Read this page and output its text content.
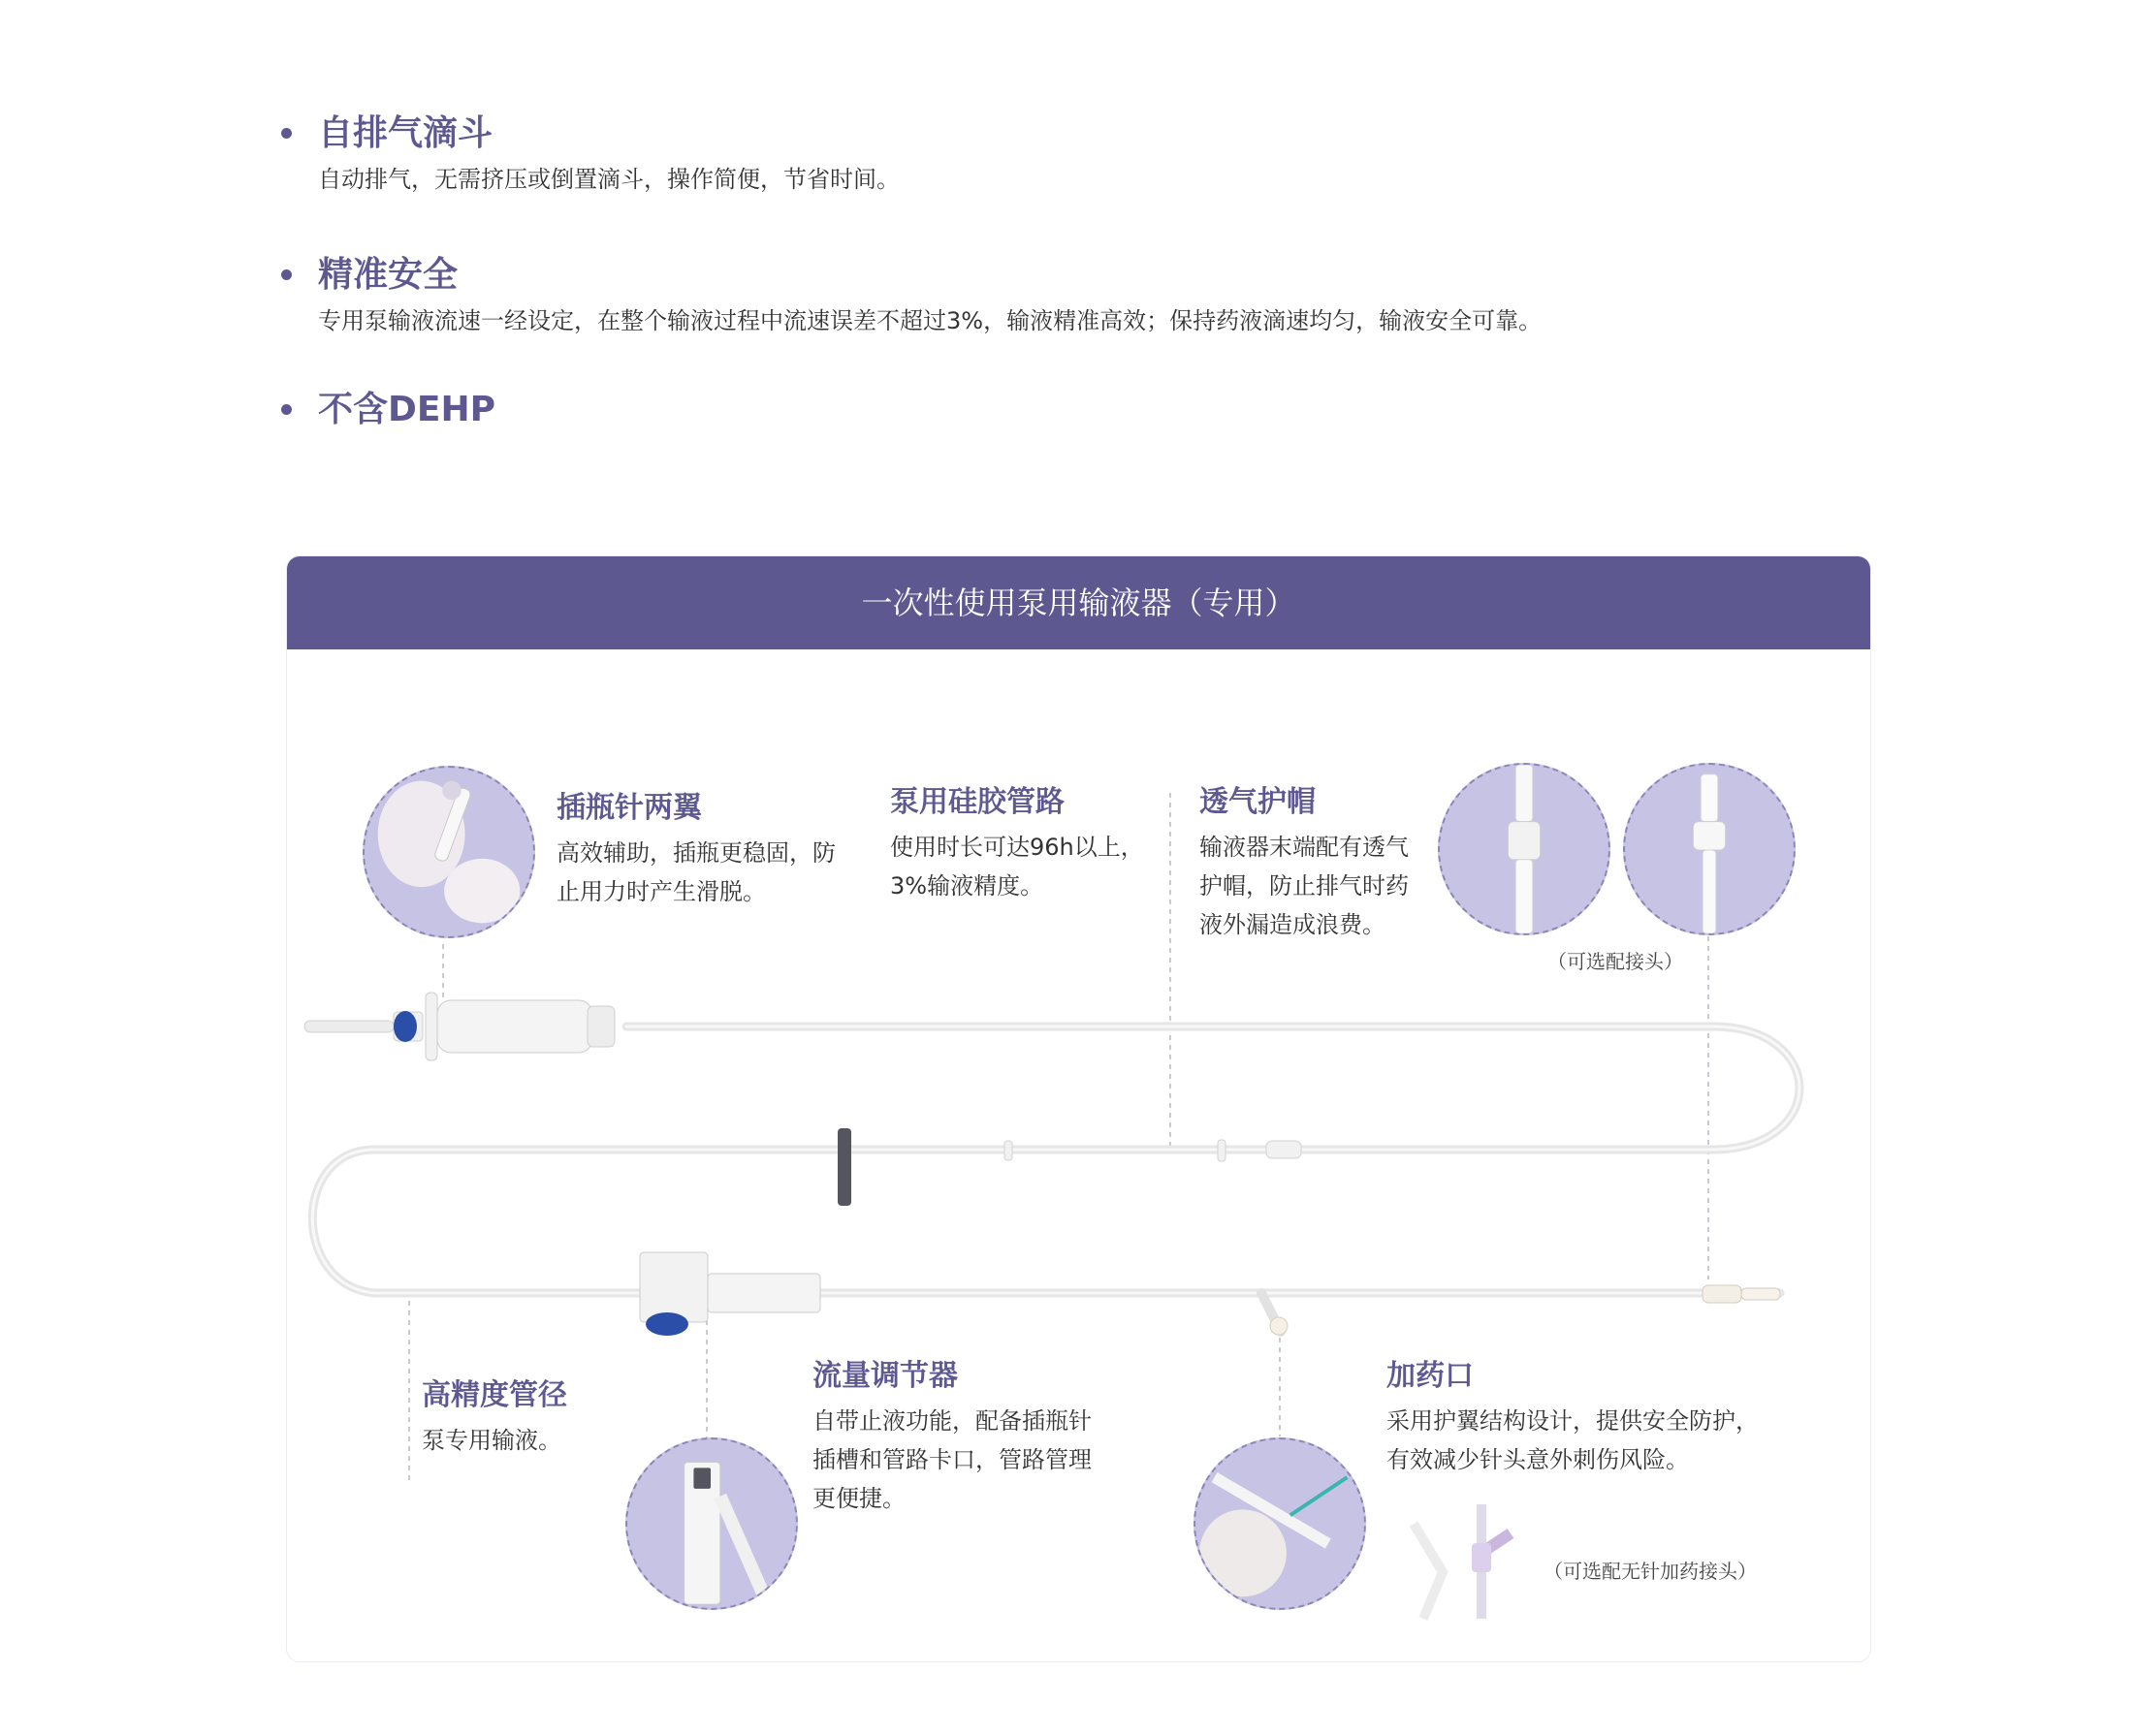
自排气滴斗
自动排气，无需挤压或倒置滴斗，操作简便，节省时间。
精准安全
专用泵输液流速一经设定，在整个输液过程中流速误差不超过3%，输液精准高效；保持药液滴速均匀，输液安全可靠。
不含DEHP
一次性使用泵用输液器（专用）
插瓶针两翼
高效辅助，插瓶更稳固，防止用力时产生滑脱。
泵用硅胶管路
使用时长可达96h以上，3%输液精度。
透气护帽
输液器末端配有透气护帽，防止排气时药液外漏造成浪费。
（可选配接头）
高精度管径
泵专用输液。
流量调节器
自带止液功能，配备插瓶针插槽和管路卡口，管路管理更便捷。
加药口
采用护翼结构设计，提供安全防护，有效减少针头意外刺伤风险。
（可选配无针加药接头）
